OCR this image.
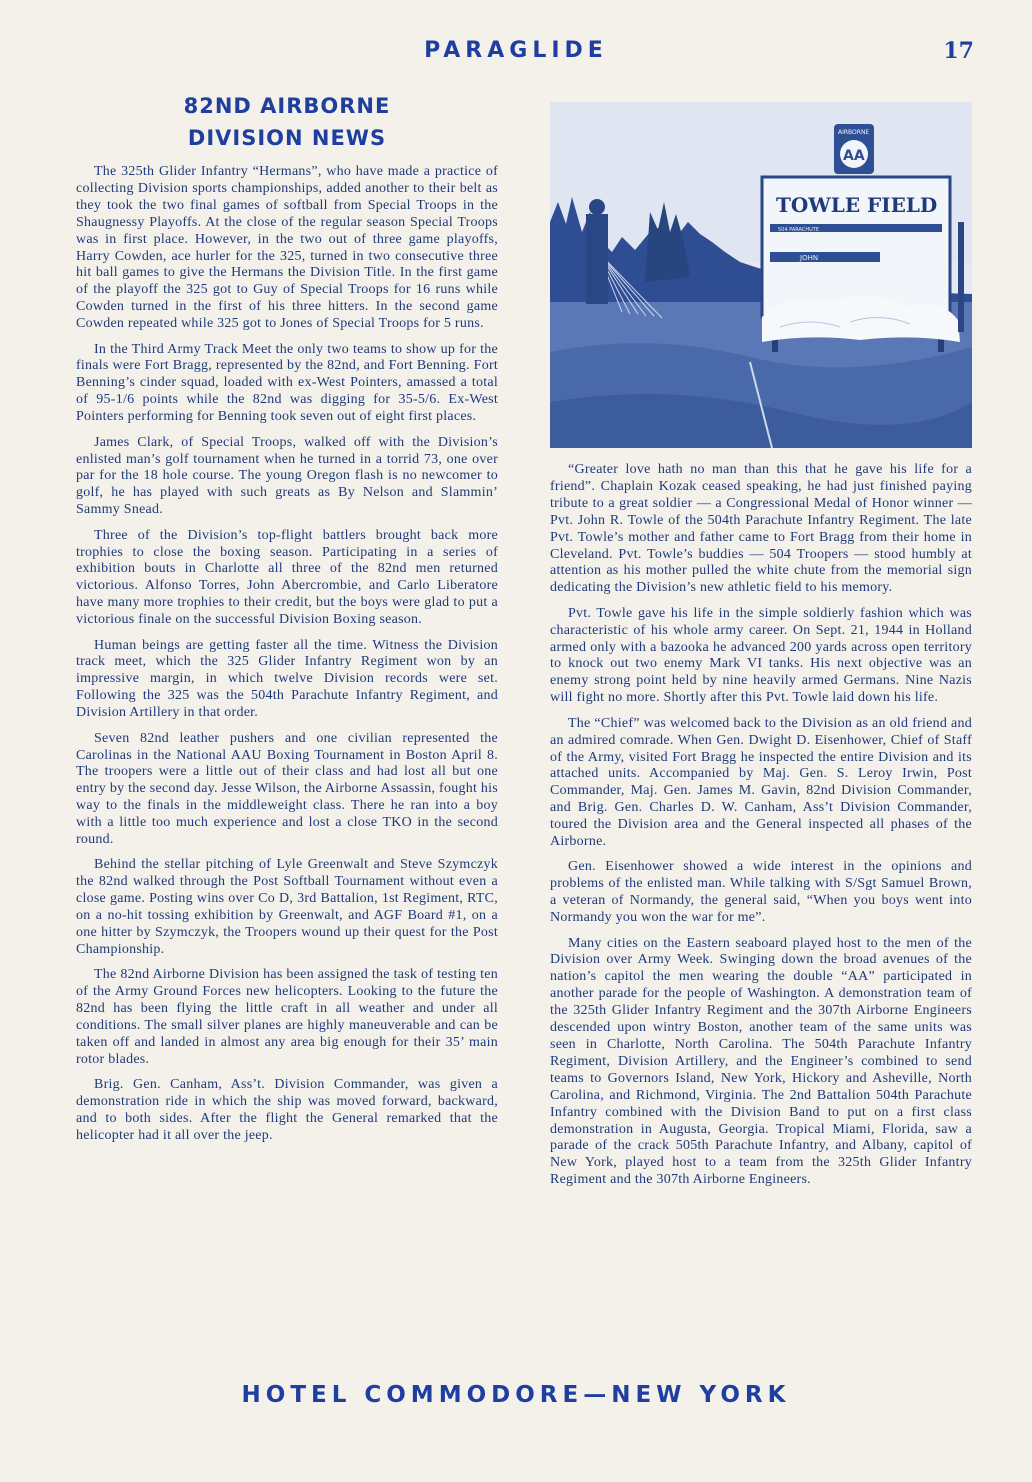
PARAGLIDE	17
82ND AIRBORNE
DIVISION NEWS

The 325th Glider Infantry “Hermans”, who have made a practice of collecting Division sports championships, added another to their belt as they took the two final games of softball from Special Troops in the Shaugnessy Playoffs. At the close of the regular season Special Troops was in first place. However, in the two out of three game playoffs, Harry Cowden, ace hurler for the 325, turned in two consecutive three hit ball games to give the Hermans the Division Title. In the first game of the playoff the 325 got to Guy of Special Troops for 16 runs while Cowden turned in the first of his three hitters. In the second game Cowden repeated while 325 got to Jones of Special Troops for 5 runs.

In the Third Army Track Meet the only two teams to show up for the finals were Fort Bragg, represented by the 82nd, and Fort Benning. Fort Benning’s cinder squad, loaded with ex-West Pointers, amassed a total of 95-1/6 points while the 82nd was digging for 35-5/6. Ex-West Pointers performing for Benning took seven out of eight first places.

James Clark, of Special Troops, walked off with the Division’s enlisted man’s golf tournament when he turned in a torrid 73, one over par for the 18 hole course. The young Oregon flash is no newcomer to golf, he has played with such greats as By Nelson and Slammin’ Sammy Snead.

Three of the Division’s top-flight battlers brought back more trophies to close the boxing season. Participating in a series of exhibition bouts in Charlotte all three of the 82nd men returned victorious. Alfonso Torres, John Abercrombie, and Carlo Liberatore have many more trophies to their credit, but the boys were glad to put a victorious finale on the successful Division Boxing season.

Human beings are getting faster all the time. Witness the Division track meet, which the 325 Glider Infantry Regiment won by an impressive margin, in which twelve Division records were set. Following the 325 was the 504th Parachute Infantry Regiment, and Division Artillery in that order.

Seven 82nd leather pushers and one civilian represented the Carolinas in the National AAU Boxing Tournament in Boston April 8. The troopers were a little out of their class and had lost all but one entry by the second day. Jesse Wilson, the Airborne Assassin, fought his way to the finals in the middleweight class. There he ran into a boy with a little too much experience and lost a close TKO in the second round.

Behind the stellar pitching of Lyle Greenwalt and Steve Szymczyk the 82nd walked through the Post Softball Tournament without even a close game. Posting wins over Co D, 3rd Battalion, 1st Regiment, RTC, on a no-hit tossing exhibition by Greenwalt, and AGF Board #1, on a one hitter by Szymczyk, the Troopers wound up their quest for the Post Championship.

The 82nd Airborne Division has been assigned the task of testing ten of the Army Ground Forces new helicopters. Looking to the future the 82nd has been flying the little craft in all weather and under all conditions. The small silver planes are highly maneuverable and can be taken off and landed in almost any area big enough for their 35’ main rotor blades.

Brig. Gen. Canham, Ass’t. Division Commander, was given a demonstration ride in which the ship was moved forward, backward, and to both sides. After the flight the General remarked that the helicopter had it all over the jeep.

TOWLE FIELD
504 PARACHUTE
JOHN
AA
AIRBORNE

“Greater love hath no man than this that he gave his life for a friend”. Chaplain Kozak ceased speaking, he had just finished paying tribute to a great soldier — a Congressional Medal of Honor winner — Pvt. John R. Towle of the 504th Parachute Infantry Regiment. The late Pvt. Towle’s mother and father came to Fort Bragg from their home in Cleveland. Pvt. Towle’s buddies — 504 Troopers — stood humbly at attention as his mother pulled the white chute from the memorial sign dedicating the Division’s new athletic field to his memory.

Pvt. Towle gave his life in the simple soldierly fashion which was characteristic of his whole army career. On Sept. 21, 1944 in Holland armed only with a bazooka he advanced 200 yards across open territory to knock out two enemy Mark VI tanks. His next objective was an enemy strong point held by nine heavily armed Germans. Nine Nazis will fight no more. Shortly after this Pvt. Towle laid down his life.

The “Chief” was welcomed back to the Division as an old friend and an admired comrade. When Gen. Dwight D. Eisenhower, Chief of Staff of the Army, visited Fort Bragg he inspected the entire Division and its attached units. Accompanied by Maj. Gen. S. Leroy Irwin, Post Commander, Maj. Gen. James M. Gavin, 82nd Division Commander, and Brig. Gen. Charles D. W. Canham, Ass’t Division Commander, toured the Division area and the General inspected all phases of the Airborne.

Gen. Eisenhower showed a wide interest in the opinions and problems of the enlisted man. While talking with S/Sgt Samuel Brown, a veteran of Normandy, the general said, “When you boys went into Normandy you won the war for me”.

Many cities on the Eastern seaboard played host to the men of the Division over Army Week. Swinging down the broad avenues of the nation’s capitol the men wearing the double “AA” participated in another parade for the people of Washington. A demonstration team of the 325th Glider Infantry Regiment and the 307th Airborne Engineers descended upon wintry Boston, another team of the same units was seen in Charlotte, North Carolina. The 504th Parachute Infantry Regiment, Division Artillery, and the Engineer’s combined to send teams to Governors Island, New York, Hickory and Asheville, North Carolina, and Richmond, Virginia. The 2nd Battalion 504th Parachute Infantry combined with the Division Band to put on a first class demonstration in Augusta, Georgia. Tropical Miami, Florida, saw a parade of the crack 505th Parachute Infantry, and Albany, capitol of New York, played host to a team from the 325th Glider Infantry Regiment and the 307th Airborne Engineers.

HOTEL COMMODORE—NEW YORK
